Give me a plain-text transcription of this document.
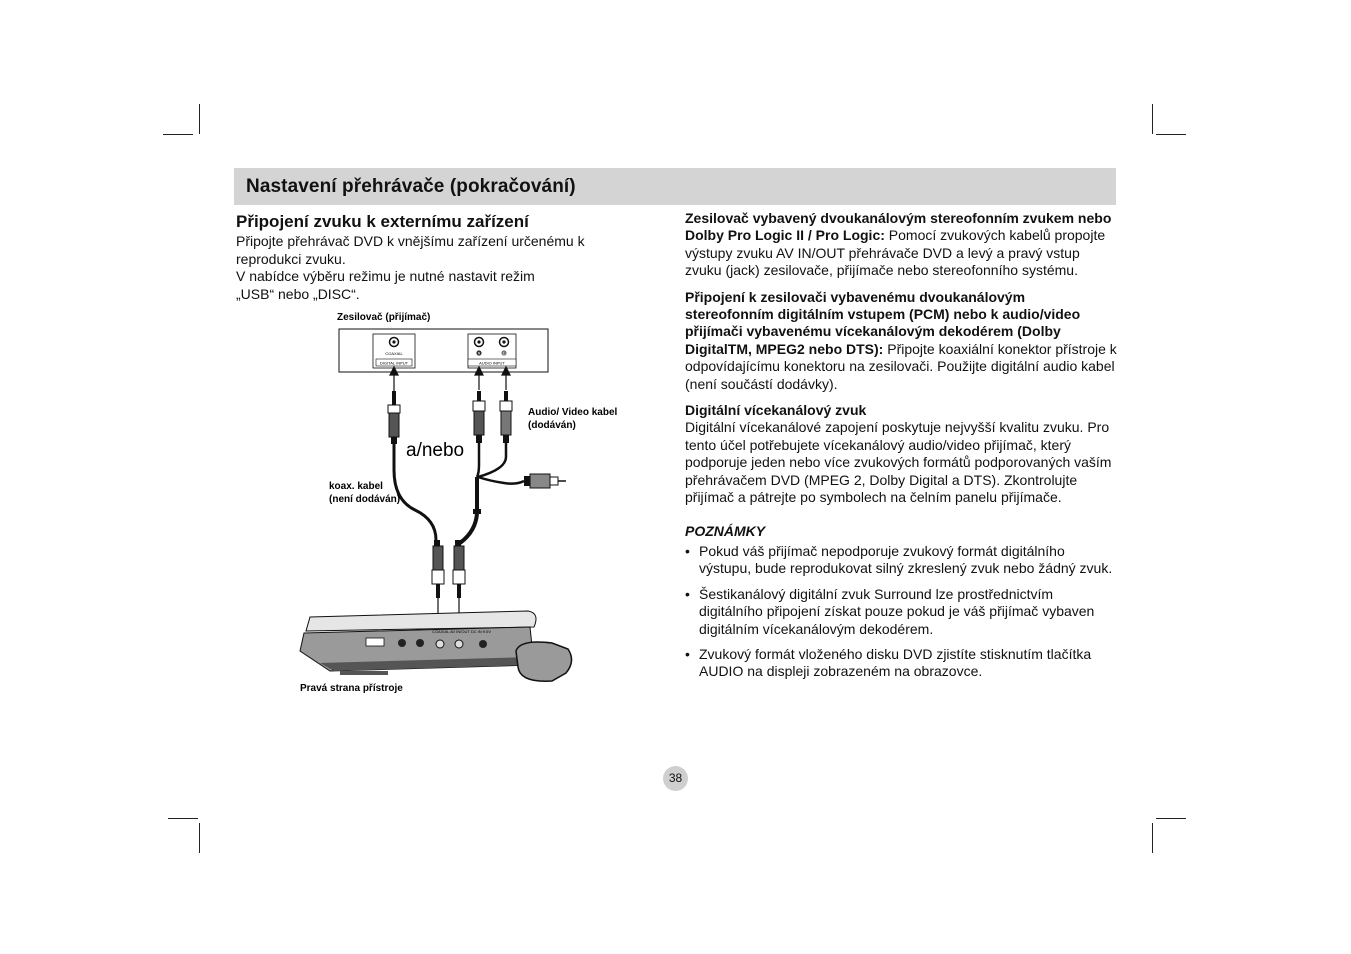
Nastavení přehrávače (pokračování)
Připojení zvuku k externímu zařízení

Připojte přehrávač DVD k vnějšímu zařízení určenému k reprodukci zvuku.

V nabídce výběru režimu je nutné nastavit režim „USB“ nebo „DISC“.

Zesilovač (přijímač)
COAXIAL
DIGITAL INPUT
R	L
AUDIO INPUT
Audio/ Video kabel
(dodáván)
a/nebo
koax. kabel
(není dodáván)
COAXIAL AV IN/OUT DC IN 9.5V
Pravá strana přístroje

Zesilovač vybavený dvoukanálovým stereofonním zvukem nebo Dolby Pro Logic II / Pro Logic: Pomocí zvukových kabelů propojte výstupy zvuku AV IN/OUT přehrávače DVD a levý a pravý vstup zvuku (jack) zesilovače, přijímače nebo stereofonního systému.

Připojení k zesilovači vybavenému dvoukanálovým stereofonním digitálním vstupem (PCM) nebo k audio/video přijímači vybavenému vícekanálovým dekodérem (Dolby DigitalTM, MPEG2 nebo DTS): Připojte koaxiální konektor přístroje k odpovídajícímu konektoru na zesilovači. Použijte digitální audio kabel (není součástí dodávky).

Digitální vícekanálový zvuk
Digitální vícekanálové zapojení poskytuje nejvyšší kvalitu zvuku. Pro tento účel potřebujete vícekanálový audio/video přijímač, který podporuje jeden nebo více zvukových formátů podporovaných vaším přehrávačem DVD (MPEG 2, Dolby Digital a DTS). Zkontrolujte přijímač a pátrejte po symbolech na čelním panelu přijímače.

POZNÁMKY
• Pokud váš přijímač nepodporuje zvukový formát digitálního výstupu, bude reprodukovat silný zkreslený zvuk nebo žádný zvuk.
• Šestikanálový digitální zvuk Surround lze prostřednictvím digitálního připojení získat pouze pokud je váš přijímač vybaven digitálním vícekanálovým dekodérem.
• Zvukový formát vloženého disku DVD zjistíte stisknutím tlačítka AUDIO na displeji zobrazeném na obrazovce.
38
